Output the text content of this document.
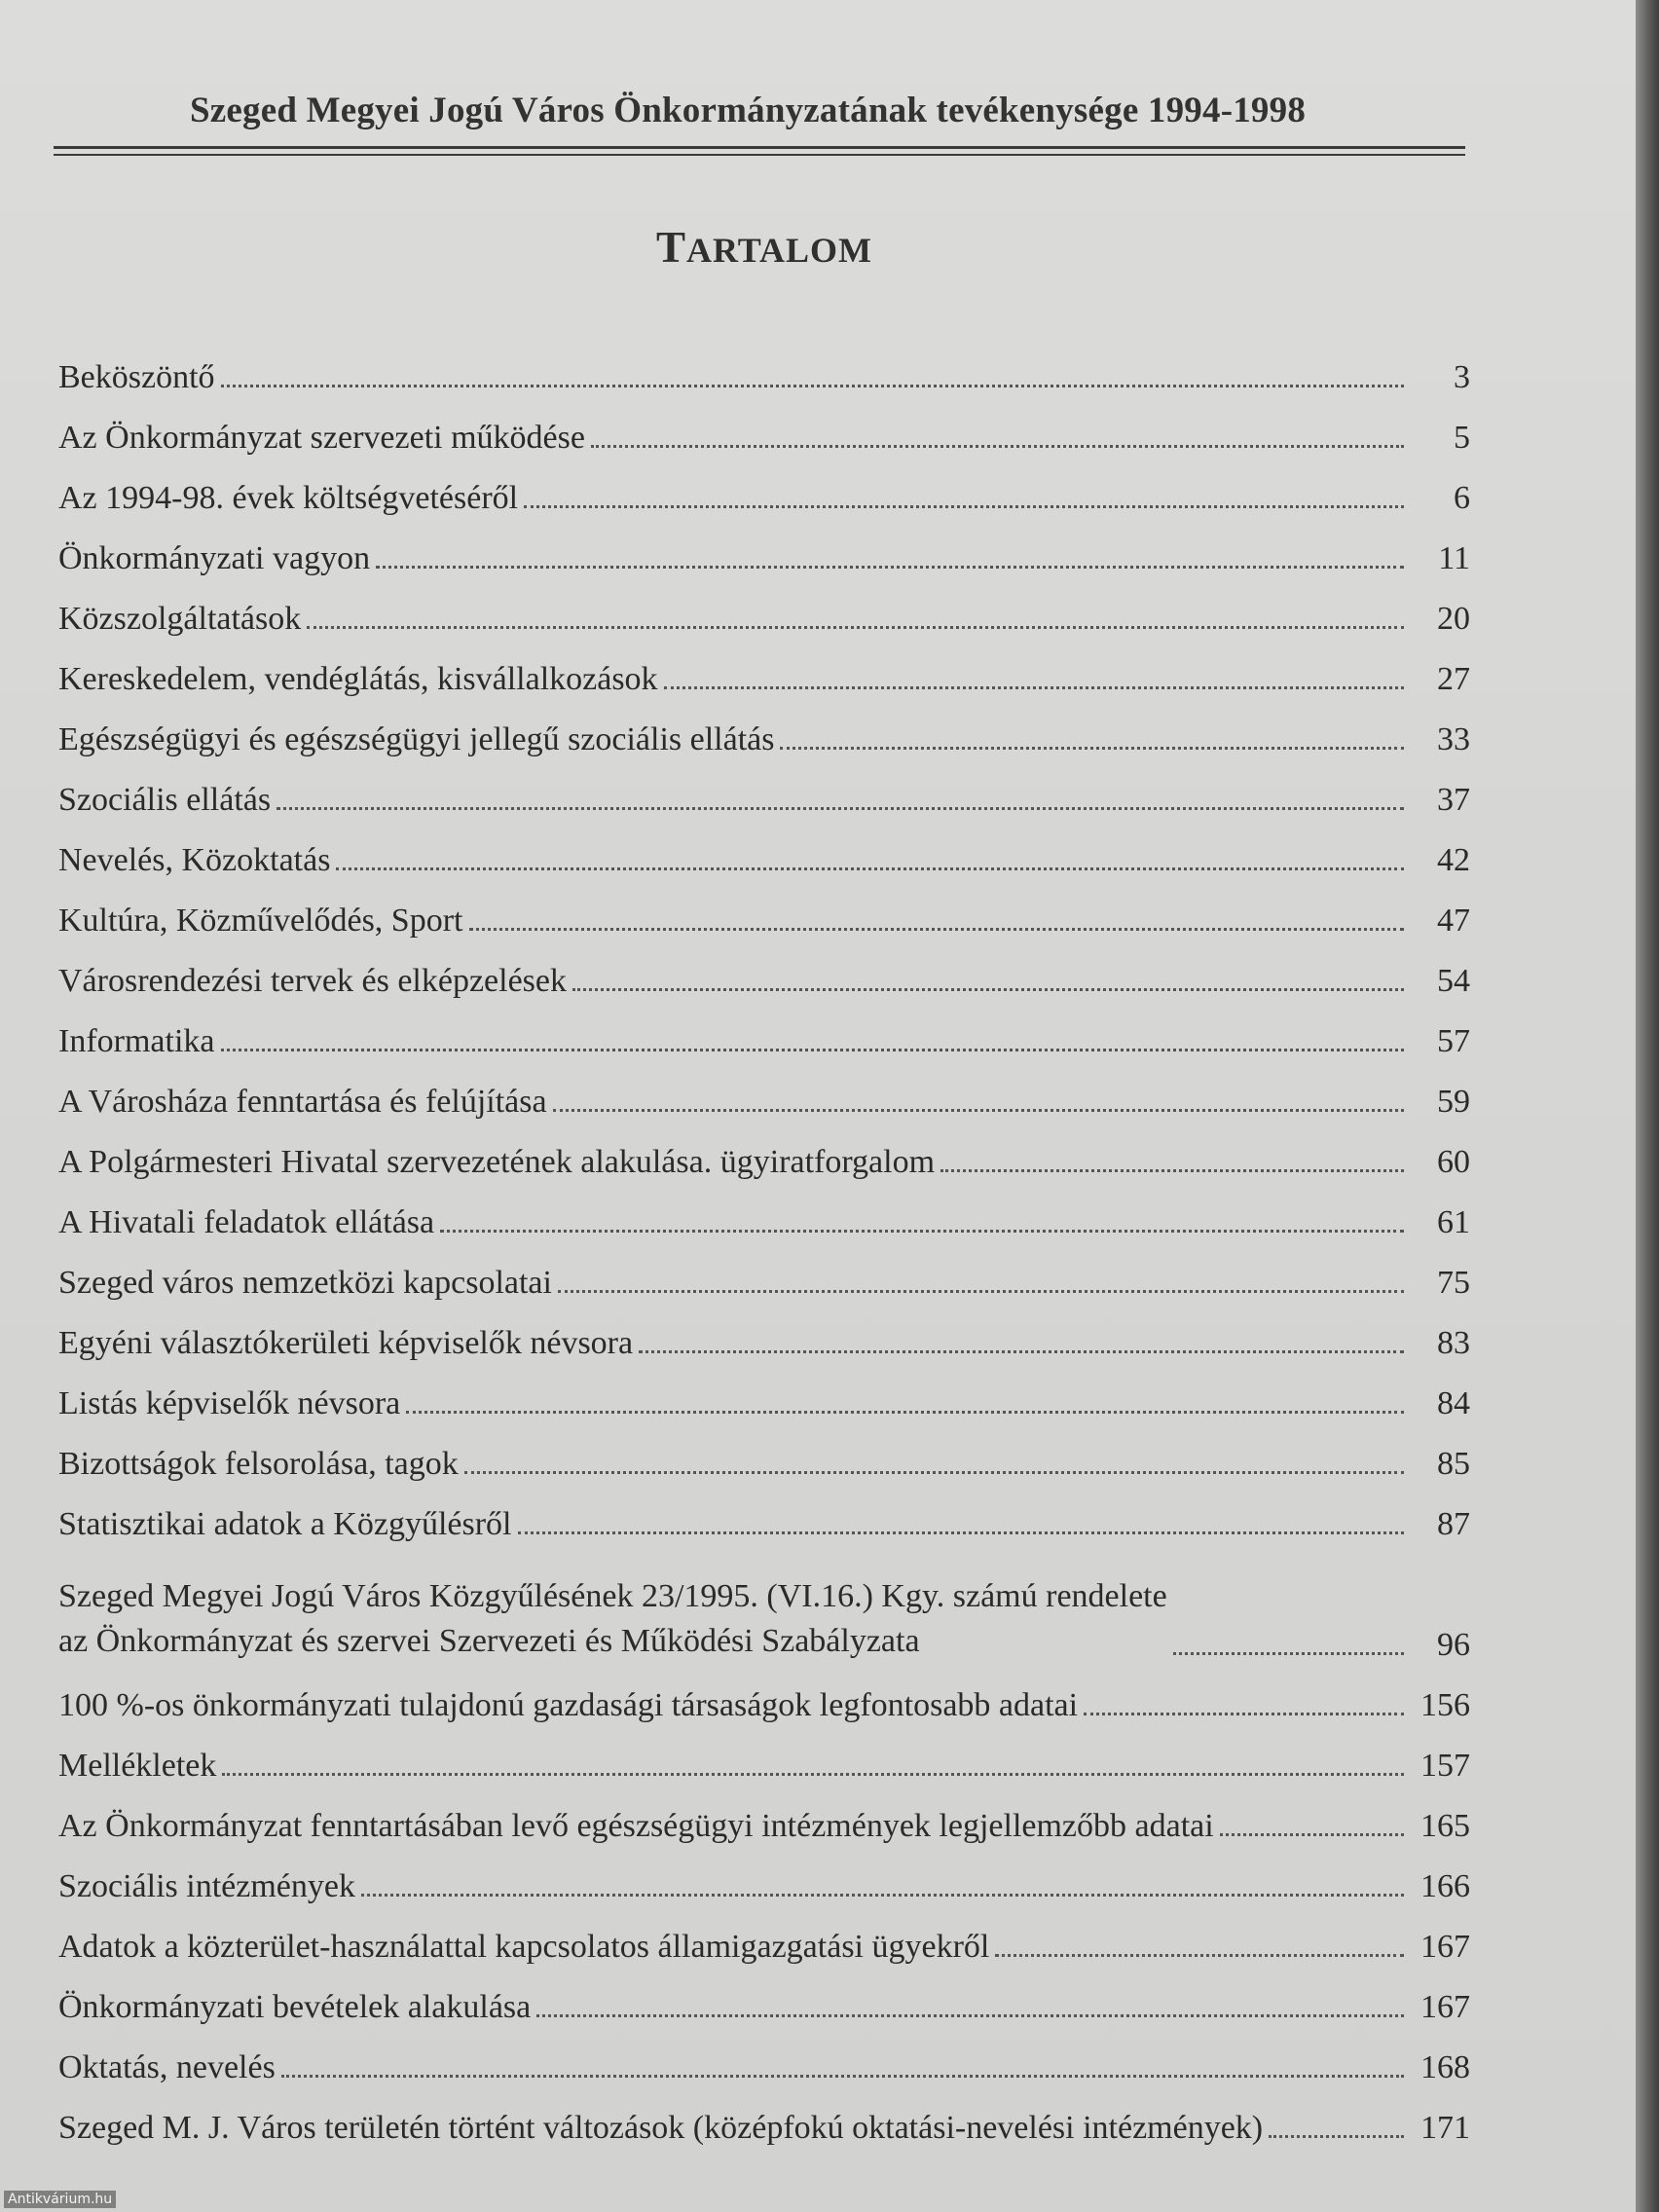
Szeged Megyei Jogú Város Önkormányzatának tevékenysége 1994-1998
TARTALOM
Beköszöntő	3
Az Önkormányzat szervezeti működése	5
Az 1994-98. évek költségvetéséről	6
Önkormányzati vagyon	11
Közszolgáltatások	20
Kereskedelem, vendéglátás, kisvállalkozások	27
Egészségügyi és egészségügyi jellegű szociális ellátás	33
Szociális ellátás	37
Nevelés, Közoktatás	42
Kultúra, Közművelődés, Sport	47
Városrendezési tervek és elképzelések	54
Informatika	57
A Városháza fenntartása és felújítása	59
A Polgármesteri Hivatal szervezetének alakulása. ügyiratforgalom	60
A Hivatali feladatok ellátása	61
Szeged város nemzetközi kapcsolatai	75
Egyéni választókerületi képviselők névsora	83
Listás képviselők névsora	84
Bizottságok felsorolása, tagok	85
Statisztikai adatok a Közgyűlésről	87
Szeged Megyei Jogú Város Közgyűlésének 23/1995. (VI.16.) Kgy. számú rendelete
az Önkormányzat és szervei Szervezeti és Működési Szabályzata	96
100 %-os önkormányzati tulajdonú gazdasági társaságok legfontosabb adatai	156
Mellékletek	157
Az Önkormányzat fenntartásában levő egészségügyi intézmények legjellemzőbb adatai	165
Szociális intézmények	166
Adatok a közterület-használattal kapcsolatos államigazgatási ügyekről	167
Önkormányzati bevételek alakulása	167
Oktatás, nevelés	168
Szeged M. J. Város területén történt változások (középfokú oktatási-nevelési intézmények)	171
Antikvárium.hu
